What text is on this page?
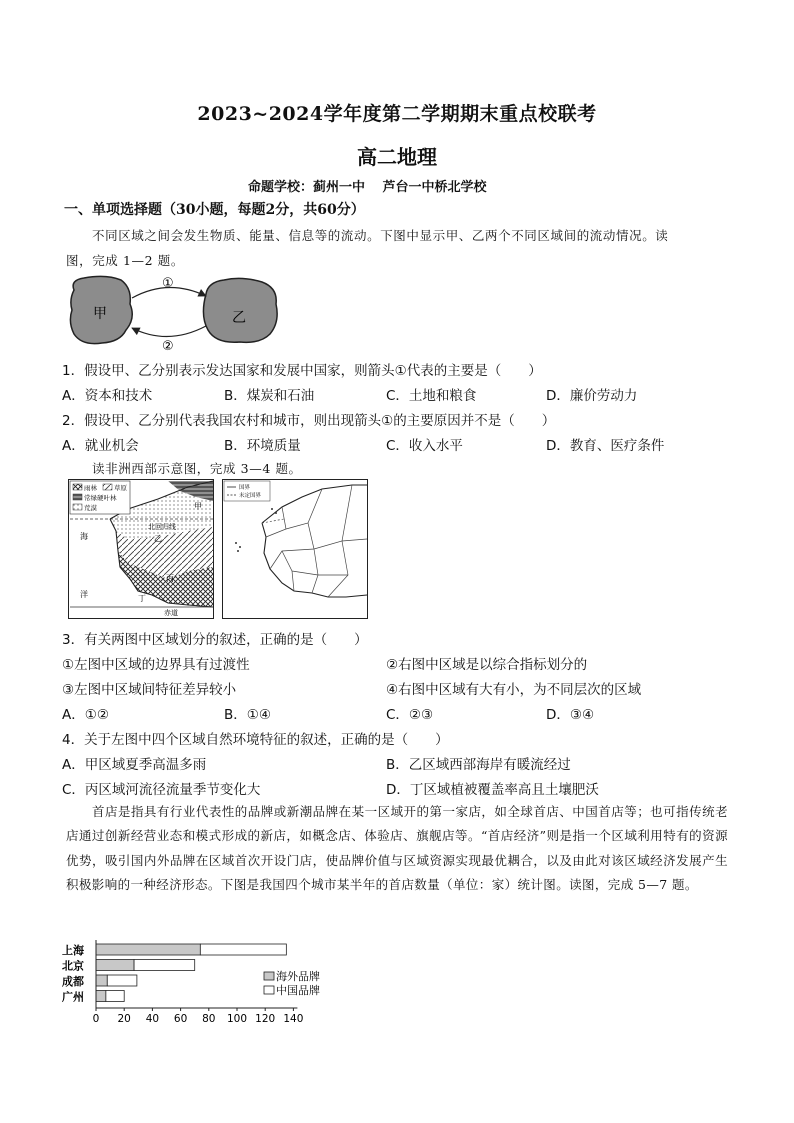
2023~2024学年度第二学期期末重点校联考
高二地理
命题学校：蓟州一中　 芦台一中桥北学校
一、单项选择题（30小题，每题2分，共60分）
不同区域之间会发生物质、能量、信息等的流动。下图中显示甲、乙两个不同区域间的流动情况。读
图，完成 1—2 题。
甲	乙
①
②
1．假设甲、乙分别表示发达国家和发展中国家，则箭头①代表的主要是（　　）
A．资本和技术	B．煤炭和石油	C．土地和粮食	D．廉价劳动力
2．假设甲、乙分别代表我国农村和城市，则出现箭头①的主要原因并不是（　　）
A．就业机会	B．环境质量	C．收入水平	D．教育、医疗条件
读非洲西部示意图，完成 3—4 题。
雨林	草原
常绿硬叶林
荒漠
海
洋
北回归线
赤道
甲
乙
丙
丁
国界
未定国界
3．有关两图中区域划分的叙述，正确的是（　　）
①左图中区域的边界具有过渡性	②右图中区域是以综合指标划分的
③左图中区域间特征差异较小	④右图中区域有大有小，为不同层次的区域
A．①②	B．①④	C．②③	D．③④
4．关于左图中四个区域自然环境特征的叙述，正确的是（　　）
A．甲区域夏季高温多雨	B．乙区域西部海岸有暖流经过
C．丙区域河流径流量季节变化大	D．丁区域植被覆盖率高且土壤肥沃
首店是指具有行业代表性的品牌或新潮品牌在某一区域开的第一家店，如全球首店、中国首店等；也可指传统老店通过创新经营业态和模式形成的新店，如概念店、体验店、旗舰店等。“首店经济”则是指一个区域利用特有的资源优势，吸引国内外品牌在区域首次开设门店，使品牌价值与区域资源实现最优耦合，以及由此对该区域经济发展产生积极影响的一种经济形态。下图是我国四个城市某半年的首店数量（单位：家）统计图。读图，完成 5—7 题。
上海
北京
成都
广州
0 20 40 60 80 100 120 140
海外品牌
中国品牌
